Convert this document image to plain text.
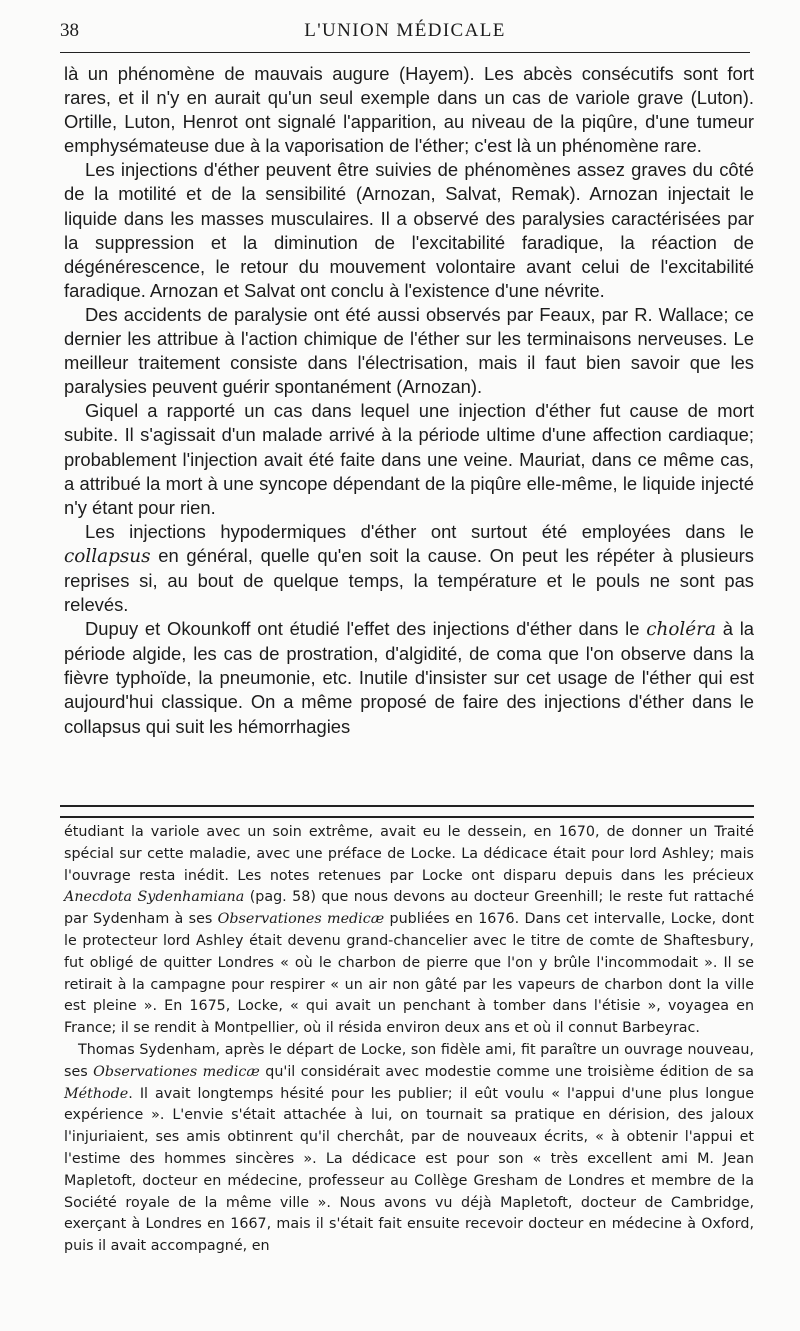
38	L'UNION MÉDICALE

là un phénomène de mauvais augure (Hayem). Les abcès consécutifs sont fort rares, et il n'y en aurait qu'un seul exemple dans un cas de variole grave (Luton). Ortille, Luton, Henrot ont signalé l'apparition, au niveau de la piqûre, d'une tumeur emphysémateuse due à la vaporisation de l'éther; c'est là un phénomène rare.

Les injections d'éther peuvent être suivies de phénomènes assez graves du côté de la motilité et de la sensibilité (Arnozan, Salvat, Remak). Arnozan injectait le liquide dans les masses musculaires. Il a observé des paralysies caractérisées par la suppression et la diminution de l'excitabilité faradique, la réaction de dégénérescence, le retour du mouvement volontaire avant celui de l'excitabilité faradique. Arnozan et Salvat ont conclu à l'existence d'une névrite.

Des accidents de paralysie ont été aussi observés par Feaux, par R. Wallace; ce dernier les attribue à l'action chimique de l'éther sur les terminaisons nerveuses. Le meilleur traitement consiste dans l'électrisation, mais il faut bien savoir que les paralysies peuvent guérir spontanément (Arnozan).

Giquel a rapporté un cas dans lequel une injection d'éther fut cause de mort subite. Il s'agissait d'un malade arrivé à la période ultime d'une affection cardiaque; probablement l'injection avait été faite dans une veine. Mauriat, dans ce même cas, a attribué la mort à une syncope dépendant de la piqûre elle-même, le liquide injecté n'y étant pour rien.

Les injections hypodermiques d'éther ont surtout été employées dans le collapsus en général, quelle qu'en soit la cause. On peut les répéter à plusieurs reprises si, au bout de quelque temps, la température et le pouls ne sont pas relevés.

Dupuy et Okounkoff ont étudié l'effet des injections d'éther dans le choléra à la période algide, les cas de prostration, d'algidité, de coma que l'on observe dans la fièvre typhoïde, la pneumonie, etc. Inutile d'insister sur cet usage de l'éther qui est aujourd'hui classique. On a même proposé de faire des injections d'éther dans le collapsus qui suit les hémorrhagies

étudiant la variole avec un soin extrême, avait eu le dessein, en 1670, de donner un Traité spécial sur cette maladie, avec une préface de Locke. La dédicace était pour lord Ashley; mais l'ouvrage resta inédit. Les notes retenues par Locke ont disparu depuis dans les précieux Anecdota Sydenhamiana (pag. 58) que nous devons au docteur Greenhill; le reste fut rattaché par Sydenham à ses Observationes medicæ publiées en 1676. Dans cet intervalle, Locke, dont le protecteur lord Ashley était devenu grand-chancelier avec le titre de comte de Shaftesbury, fut obligé de quitter Londres « où le charbon de pierre que l'on y brûle l'incommodait ». Il se retirait à la campagne pour respirer « un air non gâté par les vapeurs de charbon dont la ville est pleine ». En 1675, Locke, « qui avait un penchant à tomber dans l'étisie », voyagea en France; il se rendit à Montpellier, où il résida environ deux ans et où il connut Barbeyrac.

Thomas Sydenham, après le départ de Locke, son fidèle ami, fit paraître un ouvrage nouveau, ses Observationes medicæ qu'il considérait avec modestie comme une troisième édition de sa Méthode. Il avait longtemps hésité pour les publier; il eût voulu « l'appui d'une plus longue expérience ». L'envie s'était attachée à lui, on tournait sa pratique en dérision, des jaloux l'injuriaient, ses amis obtinrent qu'il cherchât, par de nouveaux écrits, « à obtenir l'appui et l'estime des hommes sincères ». La dédicace est pour son « très excellent ami M. Jean Mapletoft, docteur en médecine, professeur au Collège Gresham de Londres et membre de la Société royale de la même ville ». Nous avons vu déjà Mapletoft, docteur de Cambridge, exerçant à Londres en 1667, mais il s'était fait ensuite recevoir docteur en médecine à Oxford, puis il avait accompagné, en
